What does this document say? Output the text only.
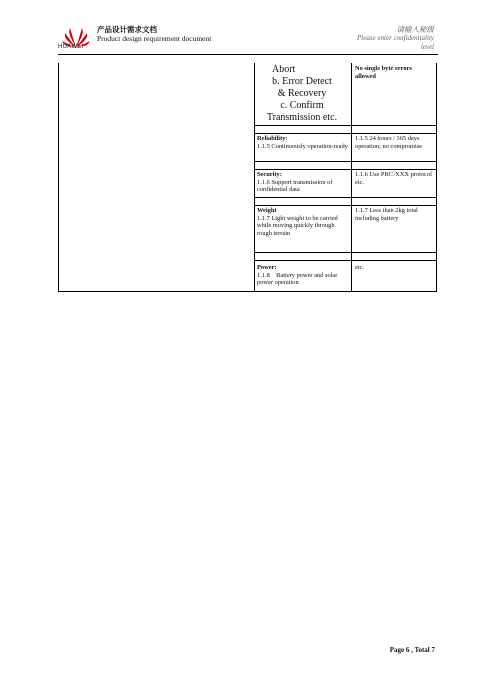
HUAWEI
产品设计需求文档
Product design requirement document
请输入秘级
Please enter confidentiality
level
Abort
b. Error Detect
& Recovery
c. Confirm
Transmission etc.
No single byte errors allowed
Reliability:
1.1.5 Continuously operation-ready
1.1.5 24 hours / 365 days operation; no compromise
Security:
1.1.6 Support transmission of confidential data
1.1.6 Use PRC-XXX protocol etc.
Weight
1.1.7 Light weight to be carried while moving quickly through rough terrain
1.1.7 Less than 2kg total including battery
Power:
1.1.8    Battery power and solar power operation
etc.
Page 6 , Total 7
